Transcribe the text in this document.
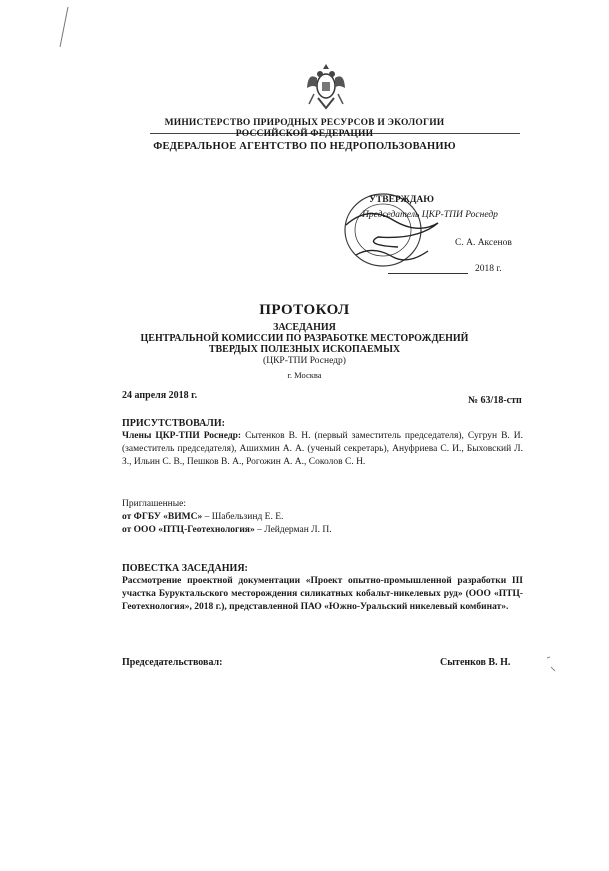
МИНИСТЕРСТВО ПРИРОДНЫХ РЕСУРСОВ И ЭКОЛОГИИ
РОССИЙСКОЙ ФЕДЕРАЦИИ
ФЕДЕРАЛЬНОЕ АГЕНТСТВО ПО НЕДРОПОЛЬЗОВАНИЮ
УТВЕРЖДАЮ
Председатель ЦКР-ТПИ Роснедр
С. А. Аксенов
2018 г.
ПРОТОКОЛ
ЗАСЕДАНИЯ
ЦЕНТРАЛЬНОЙ КОМИССИИ ПО РАЗРАБОТКЕ МЕСТОРОЖДЕНИЙ
ТВЕРДЫХ ПОЛЕЗНЫХ ИСКОПАЕМЫХ
(ЦКР-ТПИ Роснедр)
г. Москва
24 апреля 2018 г.	№ 63/18-стп
ПРИСУТСТВОВАЛИ:
Члены ЦКР-ТПИ Роснедр: Сытенков В. Н. (первый заместитель председателя), Сугрун В. И. (заместитель председателя), Ашихмин А. А. (ученый секретарь), Ануфриева С. И., Быховский Л. З., Ильин С. В., Пешков В. А., Рогожин А. А., Соколов С. Н.
Приглашенные:
от ФГБУ «ВИМС» – Шабельзинд Е. Е.
от ООО «ПТЦ-Геотехнология» – Лейдерман Л. П.
ПОВЕСТКА ЗАСЕДАНИЯ:
Рассмотрение проектной документации «Проект опытно-промышленной разработки III участка Буруктальского месторождения силикатных кобальт-никелевых руд» (ООО «ПТЦ-Геотехнология», 2018 г.), представленной ПАО «Южно-Уральский никелевый комбинат».
Председательствовал:	Сытенков В. Н.
